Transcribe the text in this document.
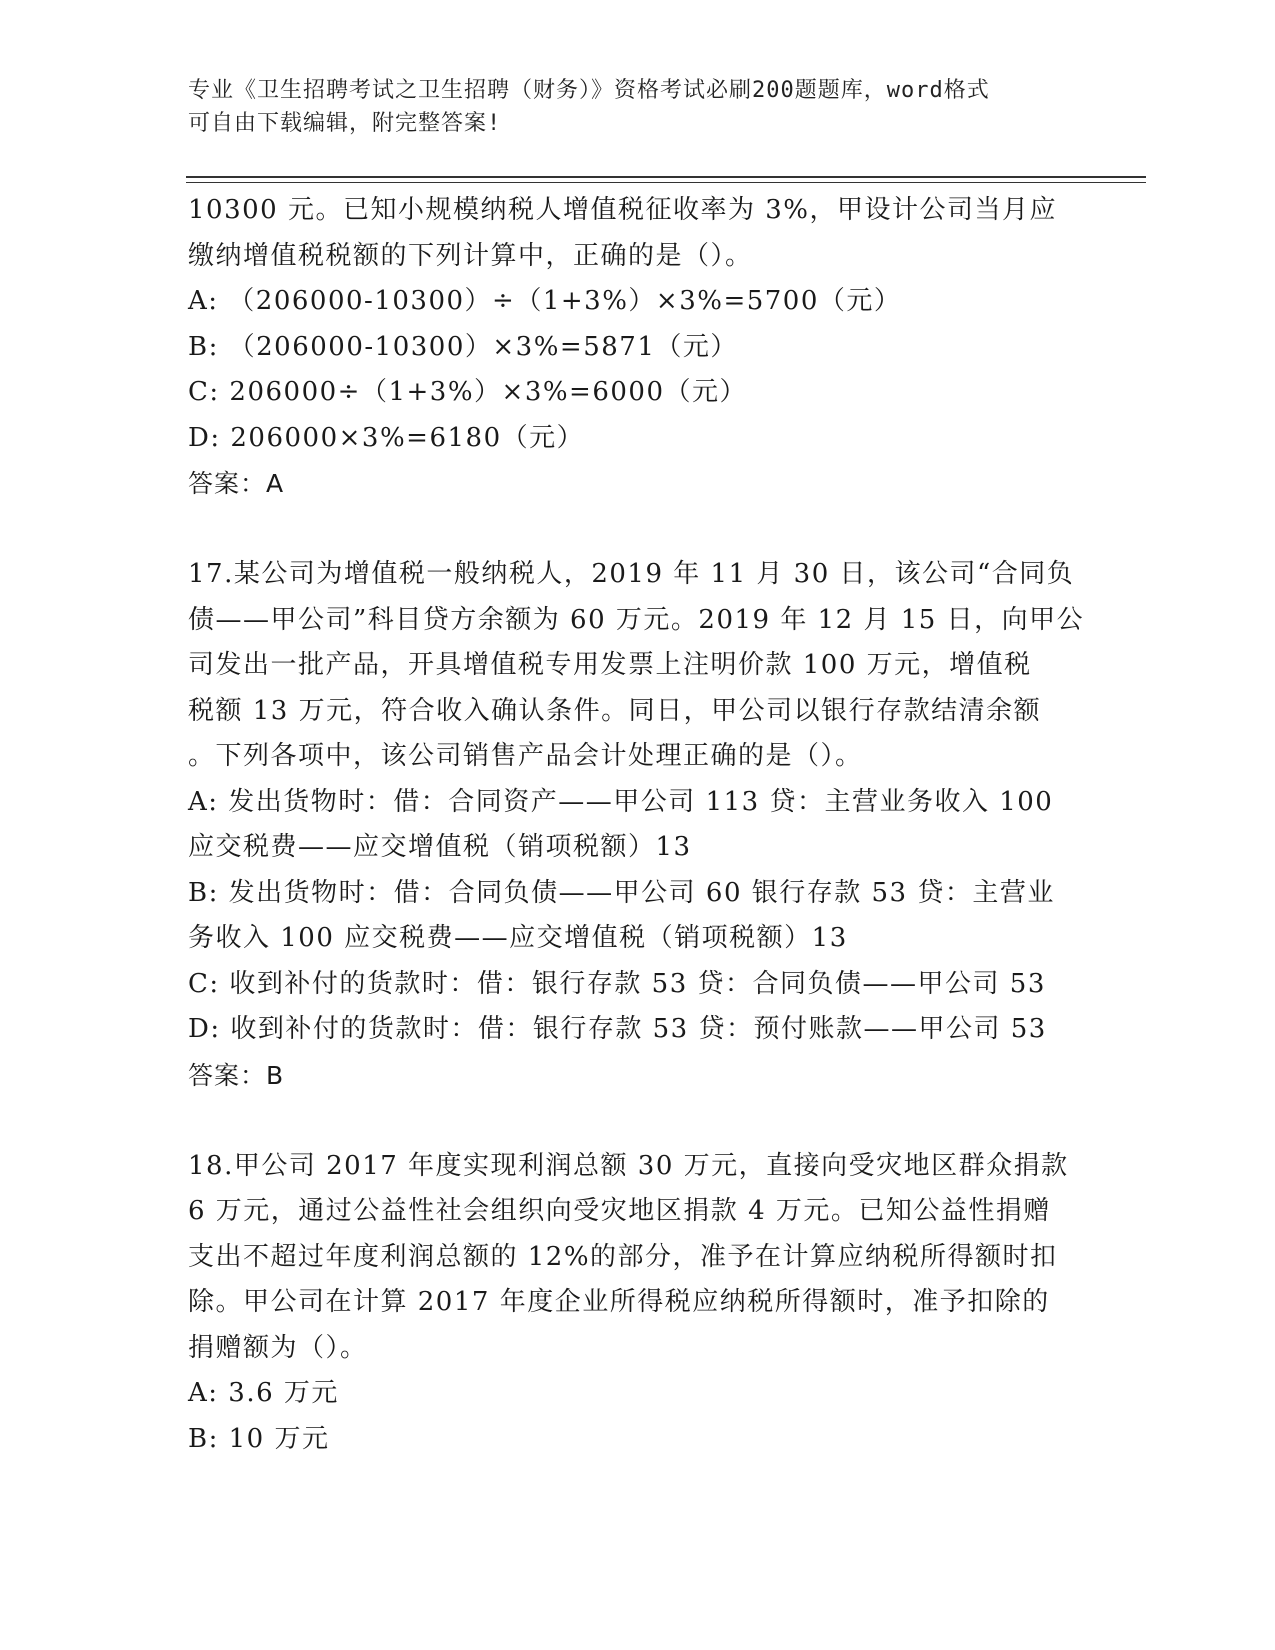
专业《卫生招聘考试之卫生招聘（财务）》资格考试必刷200题题库，word格式
可自由下载编辑，附完整答案!
10300 元。已知小规模纳税人增值税征收率为 3%，甲设计公司当月应
缴纳增值税税额的下列计算中，正确的是（）。
A: （206000-10300）÷（1+3%）×3%=5700（元）
B: （206000-10300）×3%=5871（元）
C: 206000÷（1+3%）×3%=6000（元）
D: 206000×3%=6180（元）
答案：A
17.某公司为增值税一般纳税人，2019 年 11 月 30 日，该公司“合同负
债——甲公司”科目贷方余额为 60 万元。2019 年 12 月 15 日，向甲公
司发出一批产品，开具增值税专用发票上注明价款 100 万元，增值税
税额 13 万元，符合收入确认条件。同日，甲公司以银行存款结清余额
。下列各项中，该公司销售产品会计处理正确的是（）。
A: 发出货物时：借：合同资产——甲公司 113 贷：主营业务收入 100
应交税费——应交增值税（销项税额）13
B: 发出货物时：借：合同负债——甲公司 60 银行存款 53 贷：主营业
务收入 100 应交税费——应交增值税（销项税额）13
C: 收到补付的货款时：借：银行存款 53 贷：合同负债——甲公司 53
D: 收到补付的货款时：借：银行存款 53 贷：预付账款——甲公司 53
答案：B
18.甲公司 2017 年度实现利润总额 30 万元，直接向受灾地区群众捐款
6 万元，通过公益性社会组织向受灾地区捐款 4 万元。已知公益性捐赠
支出不超过年度利润总额的 12%的部分，准予在计算应纳税所得额时扣
除。甲公司在计算 2017 年度企业所得税应纳税所得额时，准予扣除的
捐赠额为（）。
A: 3.6 万元
B: 10 万元
